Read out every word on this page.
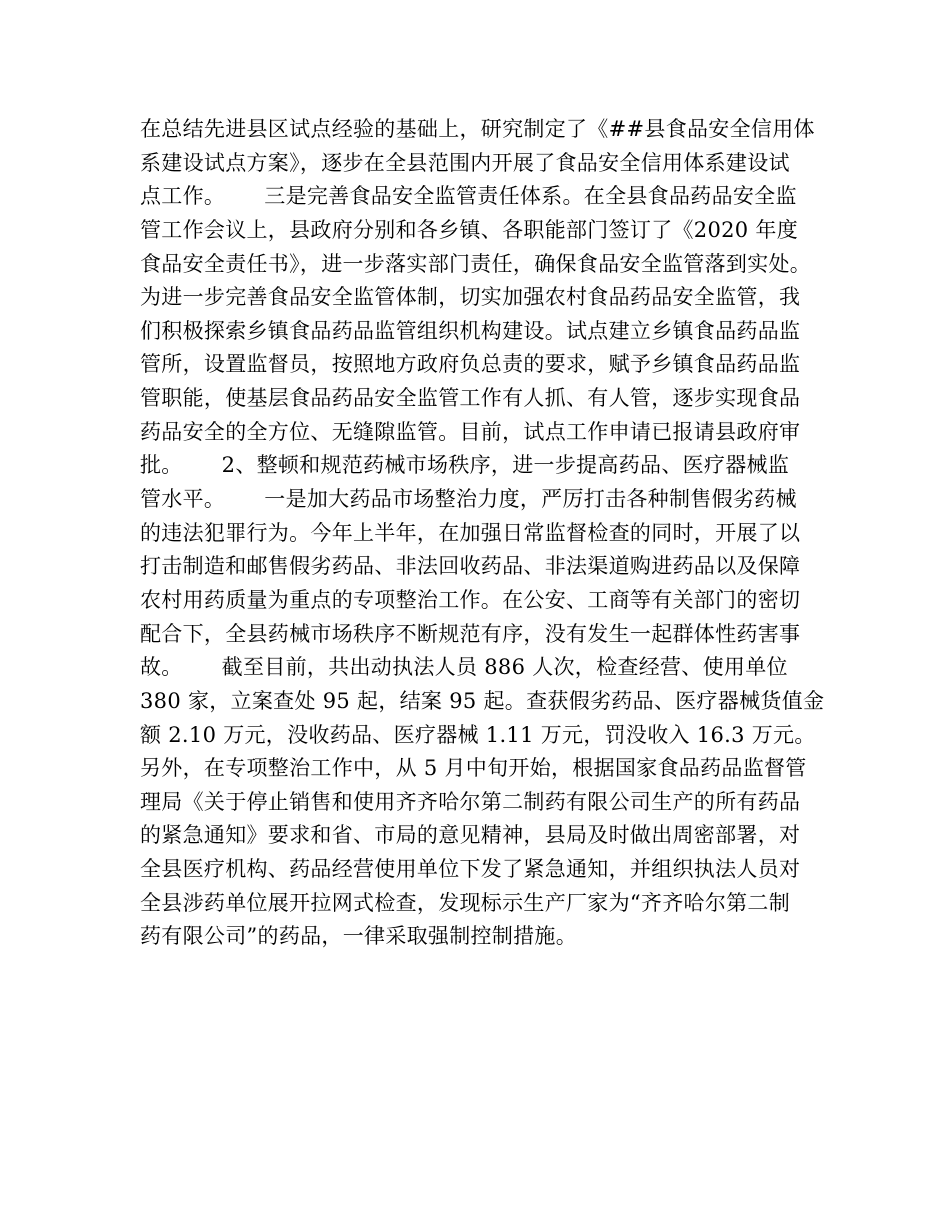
在总结先进县区试点经验的基础上，研究制定了《##县食品安全信用体
系建设试点方案》，逐步在全县范围内开展了食品安全信用体系建设试
点工作。　　 三是完善食品安全监管责任体系。在全县食品药品安全监
管工作会议上，县政府分别和各乡镇、各职能部门签订了《2020 年度
食品安全责任书》，进一步落实部门责任，确保食品安全监管落到实处。
为进一步完善食品安全监管体制，切实加强农村食品药品安全监管，我
们积极探索乡镇食品药品监管组织机构建设。试点建立乡镇食品药品监
管所，设置监督员，按照地方政府负总责的要求，赋予乡镇食品药品监
管职能，使基层食品药品安全监管工作有人抓、有人管，逐步实现食品
药品安全的全方位、无缝隙监管。目前，试点工作申请已报请县政府审
批。　　 2、整顿和规范药械市场秩序，进一步提高药品、医疗器械监
管水平。　　 一是加大药品市场整治力度，严厉打击各种制售假劣药械
的违法犯罪行为。今年上半年，在加强日常监督检查的同时，开展了以
打击制造和邮售假劣药品、非法回收药品、非法渠道购进药品以及保障
农村用药质量为重点的专项整治工作。在公安、工商等有关部门的密切
配合下，全县药械市场秩序不断规范有序，没有发生一起群体性药害事
故。　　 截至目前，共出动执法人员 886 人次，检查经营、使用单位
380 家，立案查处 95 起，结案 95 起。查获假劣药品、医疗器械货值金
额 2.10 万元，没收药品、医疗器械 1.11 万元，罚没收入 16.3 万元。
另外，在专项整治工作中，从 5 月中旬开始，根据国家食品药品监督管
理局《关于停止销售和使用齐齐哈尔第二制药有限公司生产的所有药品
的紧急通知》要求和省、市局的意见精神，县局及时做出周密部署，对
全县医疗机构、药品经营使用单位下发了紧急通知，并组织执法人员对
全县涉药单位展开拉网式检查，发现标示生产厂家为“齐齐哈尔第二制
药有限公司”的药品，一律采取强制控制措施。
